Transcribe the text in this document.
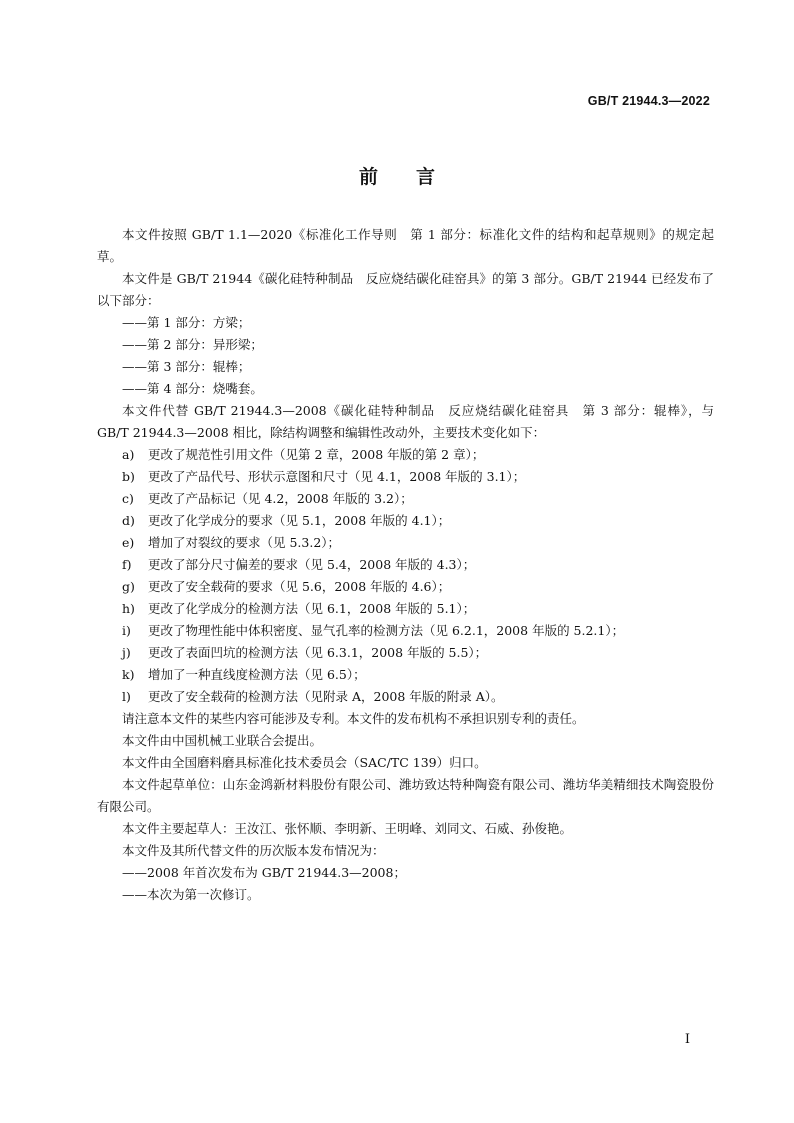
GB/T 21944.3—2022
前 言

本文件按照 GB/T 1.1—2020《标准化工作导则　第 1 部分：标准化文件的结构和起草规则》的规定起草。

本文件是 GB/T 21944《碳化硅特种制品　反应烧结碳化硅窑具》的第 3 部分。GB/T 21944 已经发布了以下部分：

——第 1 部分：方梁；

——第 2 部分：异形梁；

——第 3 部分：辊棒；

——第 4 部分：烧嘴套。

本文件代替 GB/T 21944.3—2008《碳化硅特种制品　反应烧结碳化硅窑具　第 3 部分：辊棒》，与 GB/T 21944.3—2008 相比，除结构调整和编辑性改动外，主要技术变化如下：

a)	更改了规范性引用文件（见第 2 章，2008 年版的第 2 章）；
b)	更改了产品代号、形状示意图和尺寸（见 4.1，2008 年版的 3.1）；
c)	更改了产品标记（见 4.2，2008 年版的 3.2）；
d)	更改了化学成分的要求（见 5.1，2008 年版的 4.1）；
e)	增加了对裂纹的要求（见 5.3.2）；
f)	更改了部分尺寸偏差的要求（见 5.4，2008 年版的 4.3）；
g)	更改了安全载荷的要求（见 5.6，2008 年版的 4.6）；
h)	更改了化学成分的检测方法（见 6.1，2008 年版的 5.1）；
i)	更改了物理性能中体积密度、显气孔率的检测方法（见 6.2.1，2008 年版的 5.2.1）；
j)	更改了表面凹坑的检测方法（见 6.3.1，2008 年版的 5.5）；
k)	增加了一种直线度检测方法（见 6.5）；
l)	更改了安全载荷的检测方法（见附录 A，2008 年版的附录 A）。

请注意本文件的某些内容可能涉及专利。本文件的发布机构不承担识别专利的责任。

本文件由中国机械工业联合会提出。

本文件由全国磨料磨具标准化技术委员会（SAC/TC 139）归口。

本文件起草单位：山东金鸿新材料股份有限公司、潍坊致达特种陶瓷有限公司、潍坊华美精细技术陶瓷股份有限公司。

本文件主要起草人：王汝江、张怀顺、李明新、王明峰、刘同文、石威、孙俊艳。

本文件及其所代替文件的历次版本发布情况为：

——2008 年首次发布为 GB/T 21944.3—2008；

——本次为第一次修订。

I
